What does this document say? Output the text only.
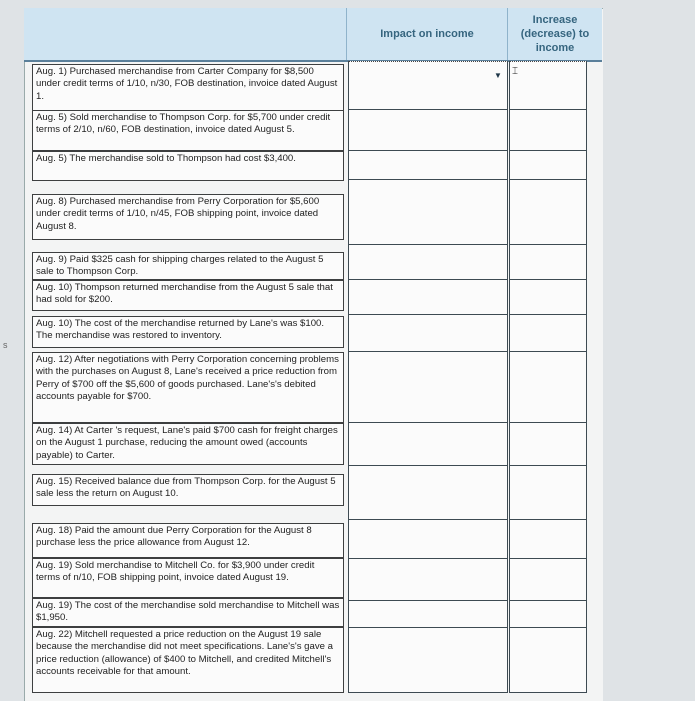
Impact on income
Increase (decrease) to income
s
Aug. 1) Purchased merchandise from Carter Company for $8,500 under credit terms of 1/10, n/30, FOB destination, invoice dated August 1.
Aug. 5) Sold merchandise to Thompson Corp. for $5,700 under credit terms of 2/10, n/60, FOB destination, invoice dated August 5.
Aug. 5) The merchandise sold to Thompson had cost $3,400.
Aug. 8) Purchased merchandise from Perry Corporation for $5,600 under credit terms of 1/10, n/45, FOB shipping point, invoice dated August 8.
Aug. 9) Paid $325 cash for shipping charges related to the August 5 sale to Thompson Corp.
Aug. 10) Thompson returned merchandise from the August 5 sale that had sold for $200.
Aug. 10) The cost of the merchandise returned by Lane's was $100. The merchandise was restored to inventory.
Aug. 12) After negotiations with Perry Corporation concerning problems with the purchases on August 8, Lane's received a price reduction from Perry of $700 off the $5,600 of goods purchased. Lane's's debited accounts payable for $700.
Aug. 14) At Carter 's request, Lane's paid $700 cash for freight charges on the August 1 purchase, reducing the amount owed (accounts payable) to Carter.
Aug. 15) Received balance due from Thompson Corp. for the August 5 sale less the return on August 10.
Aug. 18) Paid the amount due Perry Corporation for the August 8 purchase less the price allowance from August 12.
Aug. 19) Sold merchandise to Mitchell Co. for $3,900 under credit terms of n/10, FOB shipping point, invoice dated August 19.
Aug. 19) The cost of the merchandise sold merchandise to Mitchell was $1,950.
Aug. 22) Mitchell requested a price reduction on the August 19 sale because the merchandise did not meet specifications. Lane's's gave a price reduction (allowance) of $400 to Mitchell, and credited Mitchell's accounts receivable for that amount.
▼ ⌶
